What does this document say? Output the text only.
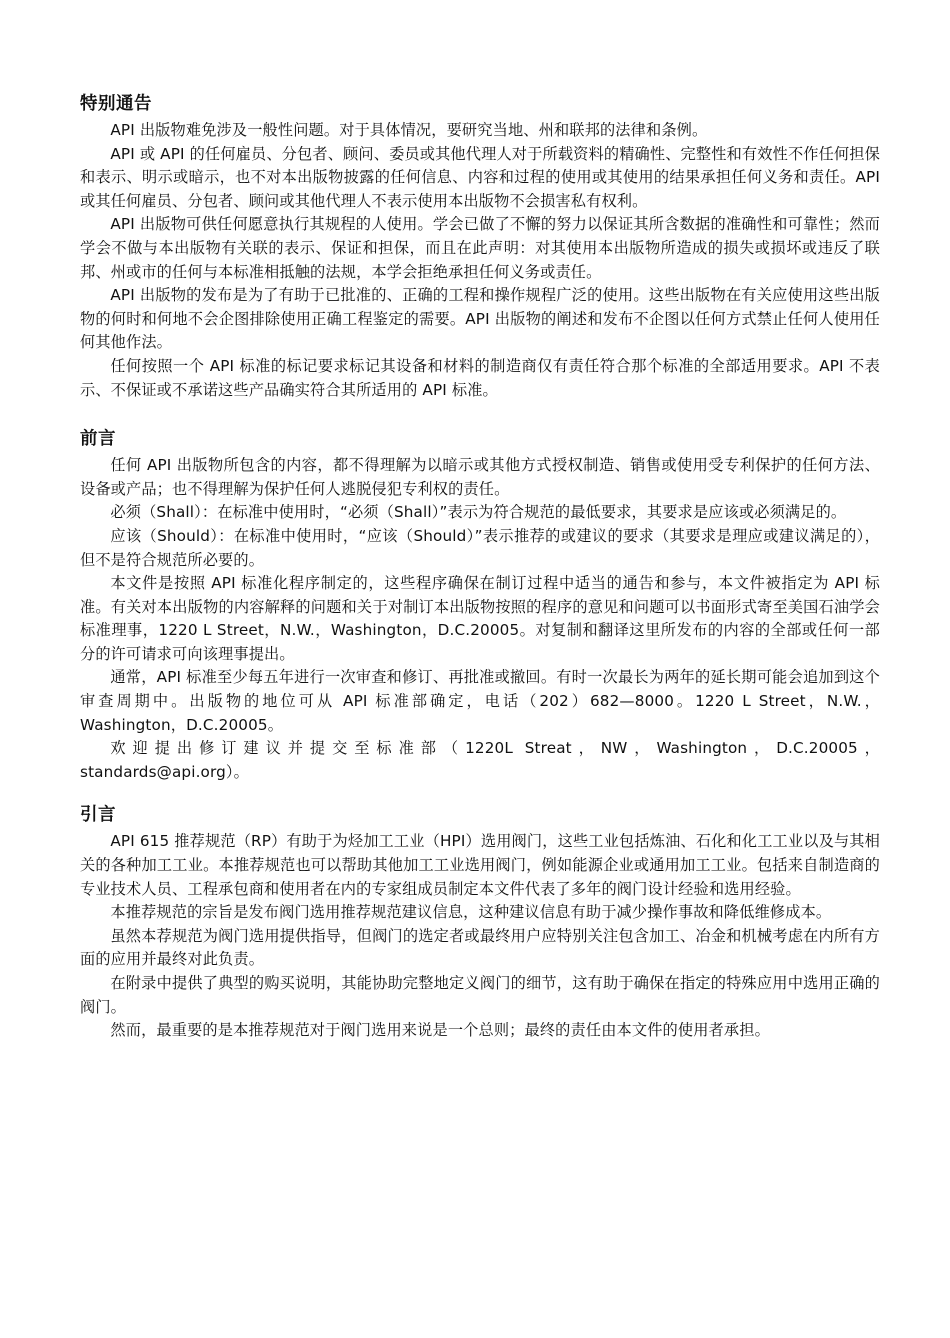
特别通告

API 出版物难免涉及一般性问题。对于具体情况，要研究当地、州和联邦的法律和条例。

API 或 API 的任何雇员、分包者、顾问、委员或其他代理人对于所载资料的精确性、完整性和有效性不作任何担保和表示、明示或暗示，也不对本出版物披露的任何信息、内容和过程的使用或其使用的结果承担任何义务和责任。API 或其任何雇员、分包者、顾问或其他代理人不表示使用本出版物不会损害私有权利。

API 出版物可供任何愿意执行其规程的人使用。学会已做了不懈的努力以保证其所含数据的准确性和可靠性；然而学会不做与本出版物有关联的表示、保证和担保，而且在此声明：对其使用本出版物所造成的损失或损坏或违反了联邦、州或市的任何与本标准相抵触的法规，本学会拒绝承担任何义务或责任。

API 出版物的发布是为了有助于已批准的、正确的工程和操作规程广泛的使用。这些出版物在有关应使用这些出版物的何时和何地不会企图排除使用正确工程鉴定的需要。API 出版物的阐述和发布不企图以任何方式禁止任何人使用任何其他作法。

任何按照一个 API 标准的标记要求标记其设备和材料的制造商仅有责任符合那个标准的全部适用要求。API 不表示、不保证或不承诺这些产品确实符合其所适用的 API 标准。

前言

任何 API 出版物所包含的内容，都不得理解为以暗示或其他方式授权制造、销售或使用受专利保护的任何方法、设备或产品；也不得理解为保护任何人逃脱侵犯专利权的责任。

必须（Shall）：在标准中使用时，“必须（Shall）”表示为符合规范的最低要求，其要求是应该或必须满足的。

应该（Should）：在标准中使用时，“应该（Should）”表示推荐的或建议的要求（其要求是理应或建议满足的），但不是符合规范所必要的。

本文件是按照 API 标准化程序制定的，这些程序确保在制订过程中适当的通告和参与，本文件被指定为 API 标准。有关对本出版物的内容解释的问题和关于对制订本出版物按照的程序的意见和问题可以书面形式寄至美国石油学会标准理事，1220 L Street，N.W.，Washington，D.C.20005。对复制和翻译这里所发布的内容的全部或任何一部分的许可请求可向该理事提出。

通常，API 标准至少每五年进行一次审查和修订、再批准或撤回。有时一次最长为两年的延长期可能会追加到这个审查周期中。出版物的地位可从 API 标准部确定，电话（202）682—8000。1220 L Street，N.W.，Washington，D.C.20005。

欢迎提出修订建议并提交至标准部（1220L Streat，NW，Washington，D.C.20005，standards@api.org）。

引言

API 615 推荐规范（RP）有助于为烃加工工业（HPI）选用阀门，这些工业包括炼油、石化和化工工业以及与其相关的各种加工工业。本推荐规范也可以帮助其他加工工业选用阀门，例如能源企业或通用加工工业。包括来自制造商的专业技术人员、工程承包商和使用者在内的专家组成员制定本文件代表了多年的阀门设计经验和选用经验。

本推荐规范的宗旨是发布阀门选用推荐规范建议信息，这种建议信息有助于减少操作事故和降低维修成本。

虽然本荐规范为阀门选用提供指导，但阀门的选定者或最终用户应特别关注包含加工、冶金和机械考虑在内所有方面的应用并最终对此负责。

在附录中提供了典型的购买说明，其能协助完整地定义阀门的细节，这有助于确保在指定的特殊应用中选用正确的阀门。

然而，最重要的是本推荐规范对于阀门选用来说是一个总则；最终的责任由本文件的使用者承担。
